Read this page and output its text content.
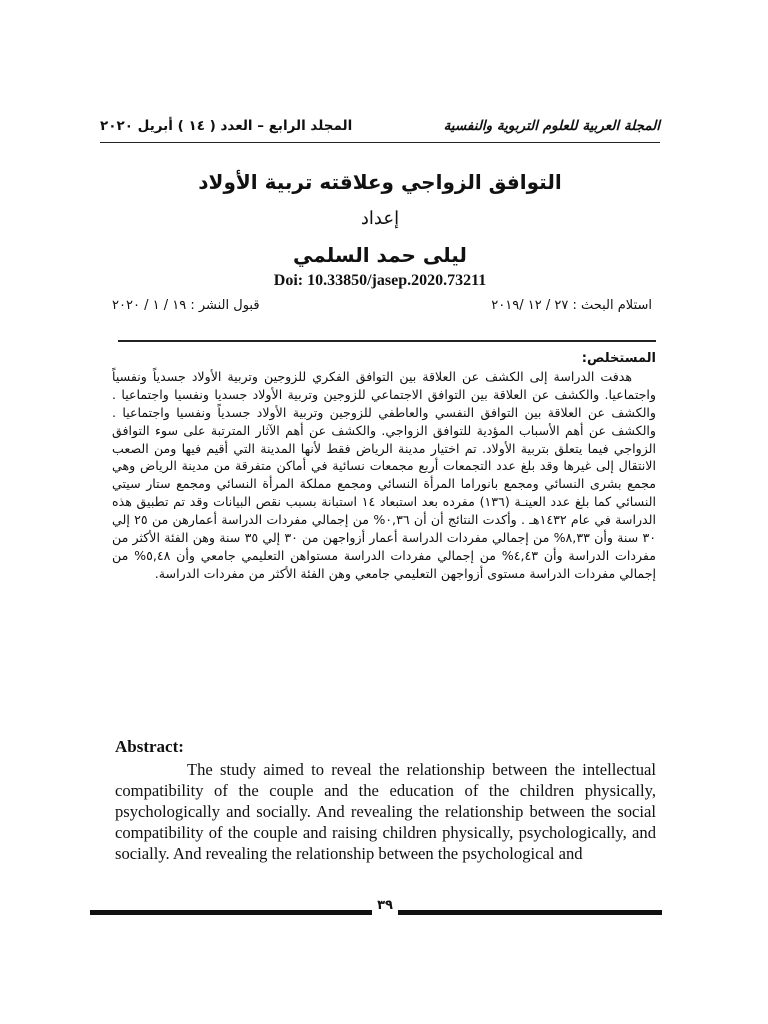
المجلة العربية للعلوم التربوية والنفسية
المجلد الرابع – العدد ( ١٤ ) أبريل ٢٠٢٠
التوافق الزواجي وعلاقته تربية الأولاد
إعداد
ليلى حمد السلمي
Doi: 10.33850/jasep.2020.73211
استلام البحث : ٢٧ / ١٢ /٢٠١٩
قبول النشر : ١٩ / ١ / ٢٠٢٠
المستخلص:

هدفت الدراسة إلى الكشف عن العلاقة بين التوافق الفكري للزوجين وتربية الأولاد جسدياً ونفسياً واجتماعيا. والكشف عن العلاقة بين التوافق الاجتماعي للزوجين وتربية الأولاد جسديا ونفسيا واجتماعيا . والكشف عن العلاقة بين التوافق النفسي والعاطفي للزوجين وتربية الأولاد جسدياً ونفسيا واجتماعيا . والكشف عن أهم الأسباب المؤدية للتوافق الزواجي. والكشف عن أهم الآثار المترتبة على سوء التوافق الزواجي فيما يتعلق بتربية الأولاد. تم اختيار مدينة الرياض فقط لأنها المدينة التي أقيم فيها ومن الصعب الانتقال إلى غيرها وقد بلغ عدد التجمعات أربع مجمعات نسائية في أماكن متفرقة من مدينة الرياض وهي مجمع بشرى النسائي ومجمع بانوراما المرأة النسائي ومجمع مملكة المرأة النسائي ومجمع ستار سيتي النسائي كما بلغ عدد العينـة (١٣٦) مفرده بعد استبعاد ١٤ استبانة بسبب نقص البيانات وقد تم تطبيق هذه الدراسة في عام ١٤٣٢هـ . وأكدت النتائج أن أن ٠,٣٦% من إجمالي مفردات الدراسة أعمارهن من ٢٥ إلي ٣٠ سنة وأن ٨,٣٣% من إجمالي مفردات الدراسة أعمار أزواجهن من ٣٠ إلي ٣٥ سنة وهن الفئة الأكثر من مفردات الدراسة وأن ٤,٤٣% من إجمالي مفردات الدراسة مستواهن التعليمي جامعي وأن ٥,٤٨% من إجمالي مفردات الدراسة مستوى أزواجهن التعليمي جامعي وهن الفئة الأكثر من مفردات الدراسة.

Abstract:
The study aimed to reveal the relationship between the intellectual compatibility of the couple and the education of the children physically, psychologically and socially. And revealing the relationship between the social compatibility of the couple and raising children physically, psychologically, and socially. And revealing the relationship between the psychological and
٣٩
